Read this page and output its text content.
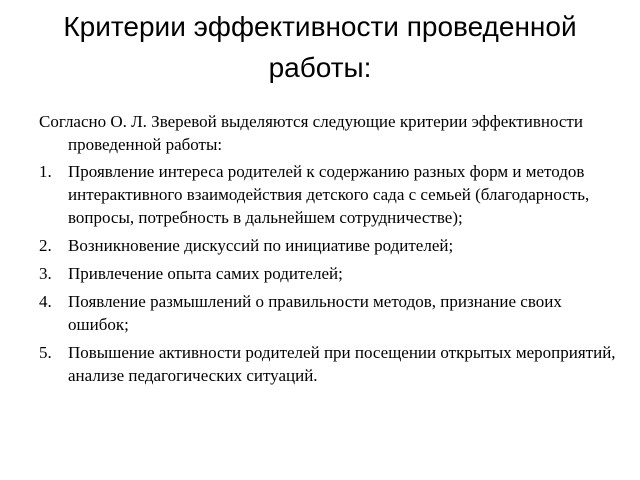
Критерии эффективности проведенной работы:

Согласно О. Л. Зверевой выделяются следующие критерии эффективности проведенной работы:

1. Проявление интереса родителей к содержанию разных форм и методов интерактивного взаимодействия детского сада с семьей (благодарность, вопросы, потребность в дальнейшем сотрудничестве);
2. Возникновение дискуссий по инициативе родителей;
3. Привлечение опыта самих родителей;
4. Появление размышлений о правильности методов, признание своих ошибок;
5. Повышение активности родителей при посещении открытых мероприятий, анализе педагогических ситуаций.
